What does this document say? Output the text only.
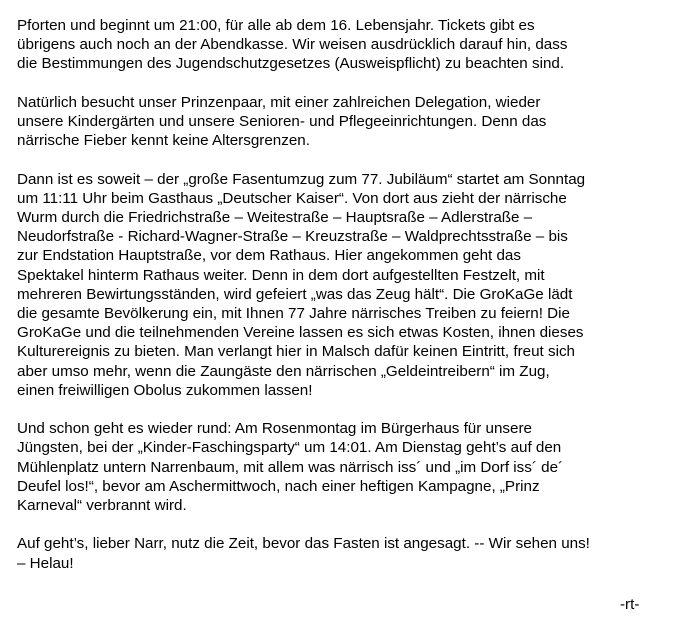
Pforten und beginnt um 21:00, für alle ab dem 16. Lebensjahr. Tickets gibt es
übrigens auch noch an der Abendkasse. Wir weisen ausdrücklich darauf hin, dass
die Bestimmungen des Jugendschutzgesetzes (Ausweispflicht) zu beachten sind.

Natürlich besucht unser Prinzenpaar, mit einer zahlreichen Delegation, wieder
unsere Kindergärten und unsere Senioren- und Pflegeeinrichtungen. Denn das
närrische Fieber kennt keine Altersgrenzen.

Dann ist es soweit – der „große Fasentumzug zum 77. Jubiläum“ startet am Sonntag
um 11:11 Uhr beim Gasthaus „Deutscher Kaiser“. Von dort aus zieht der närrische
Wurm durch die Friedrichstraße – Weitestraße – Hauptsraße – Adlerstraße –
Neudorfstraße - Richard-Wagner-Straße – Kreuzstraße – Waldprechtsstraße – bis
zur Endstation Hauptstraße, vor dem Rathaus. Hier angekommen geht das
Spektakel hinterm Rathaus weiter. Denn in dem dort aufgestellten Festzelt, mit
mehreren Bewirtungsständen, wird gefeiert „was das Zeug hält“. Die GroKaGe lädt
die gesamte Bevölkerung ein, mit Ihnen 77 Jahre närrisches Treiben zu feiern! Die
GroKaGe und die teilnehmenden Vereine lassen es sich etwas Kosten, ihnen dieses
Kulturereignis zu bieten. Man verlangt hier in Malsch dafür keinen Eintritt, freut sich
aber umso mehr, wenn die Zaungäste den närrischen „Geldeintreibern“ im Zug,
einen freiwilligen Obolus zukommen lassen!

Und schon geht es wieder rund: Am Rosenmontag im Bürgerhaus für unsere
Jüngsten, bei der „Kinder-Faschingsparty“ um 14:01. Am Dienstag geht’s auf den
Mühlenplatz untern Narrenbaum, mit allem was närrisch iss´ und „im Dorf iss´ de´
Deufel los!“, bevor am Aschermittwoch, nach einer heftigen Kampagne, „Prinz
Karneval“ verbrannt wird.

Auf geht’s, lieber Narr, nutz die Zeit, bevor das Fasten ist angesagt. -- Wir sehen uns!
– Helau!

-rt-
